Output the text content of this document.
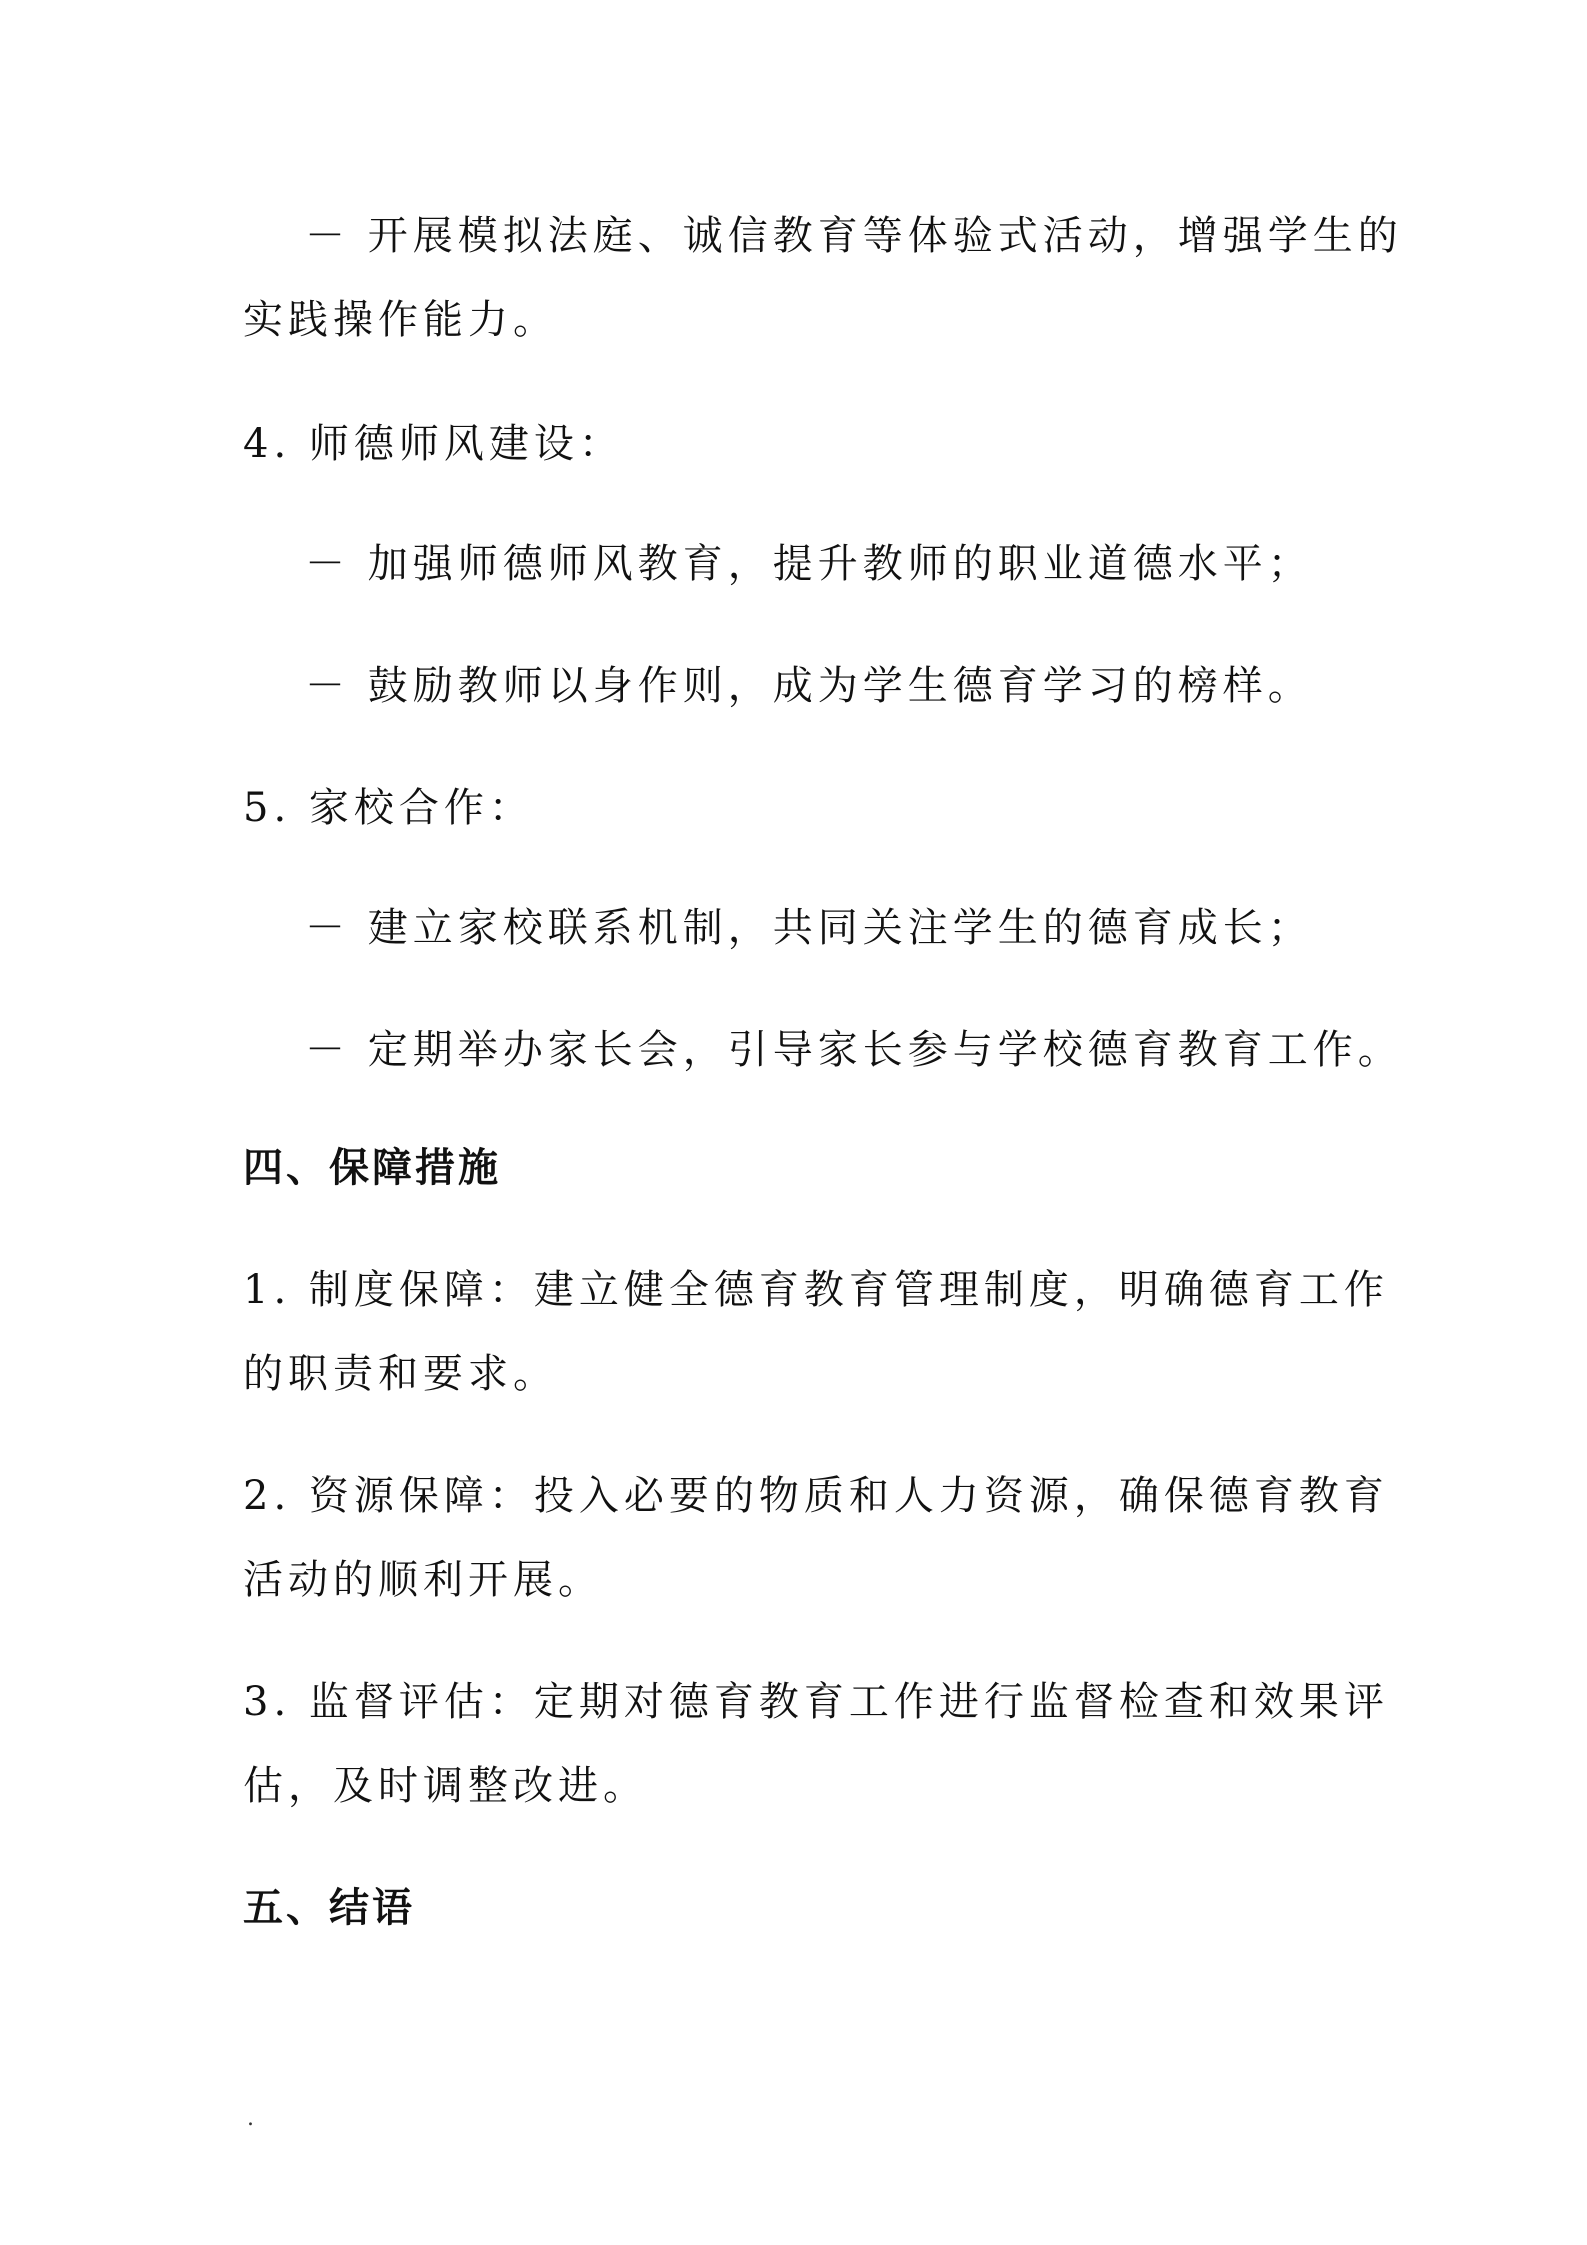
－ 开展模拟法庭、诚信教育等体验式活动，增强学生的
实践操作能力。
4. 师德师风建设：
－ 加强师德师风教育，提升教师的职业道德水平；
－ 鼓励教师以身作则，成为学生德育学习的榜样。
5. 家校合作：
－ 建立家校联系机制，共同关注学生的德育成长；
－ 定期举办家长会，引导家长参与学校德育教育工作。
四、保障措施
1. 制度保障：建立健全德育教育管理制度，明确德育工作
的职责和要求。
2. 资源保障：投入必要的物质和人力资源，确保德育教育
活动的顺利开展。
3. 监督评估：定期对德育教育工作进行监督检查和效果评
估，及时调整改进。
五、结语
.
